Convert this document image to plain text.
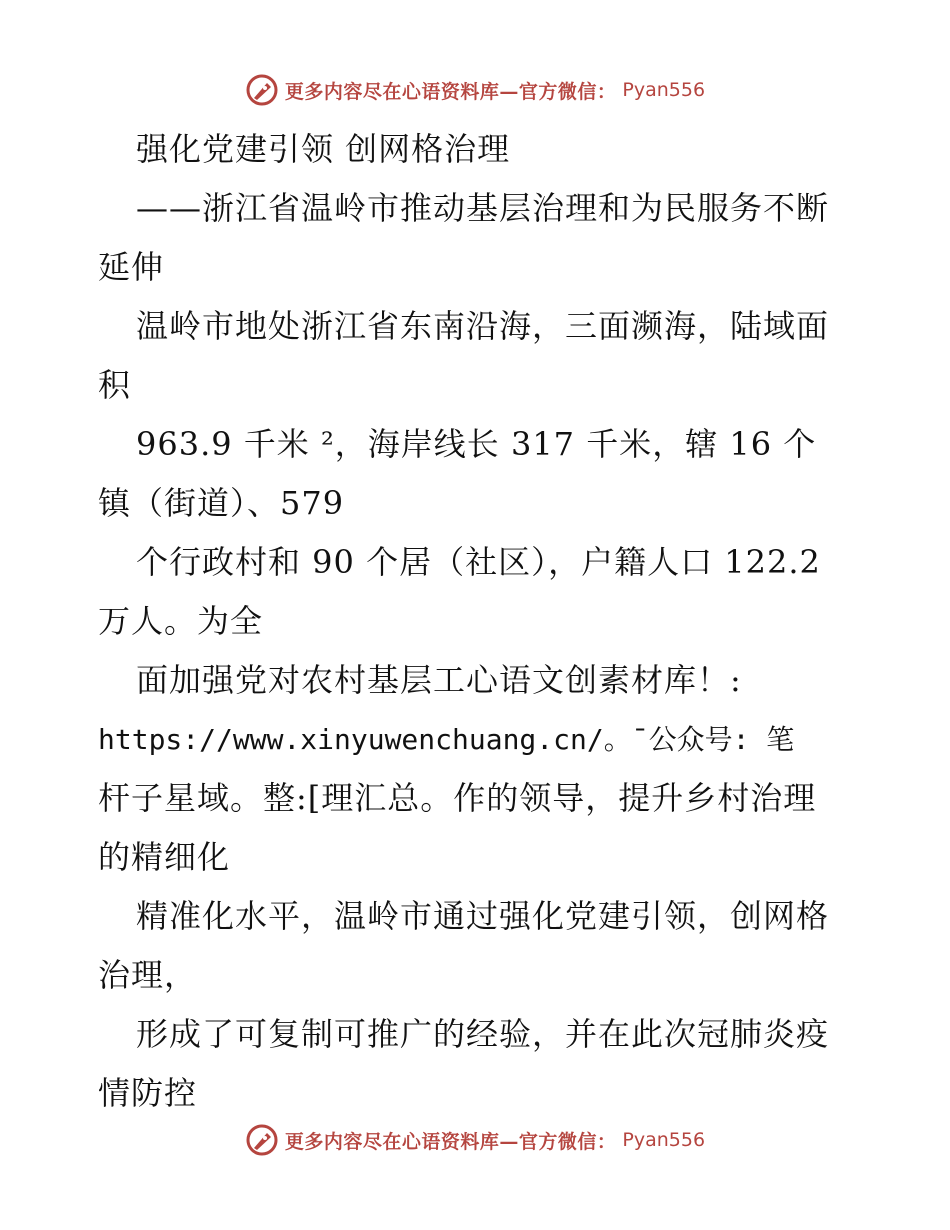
更多内容尽在心语资料库—官方微信： Pyan556
强化党建引领 创网格治理
——浙江省温岭市推动基层治理和为民服务不断
延伸
温岭市地处浙江省东南沿海，三面濒海，陆域面
积
963.9 千米 ²，海岸线长 317 千米，辖 16 个
镇（街道）、579
个行政村和 90 个居（社区），户籍人口 122.2
万人。为全
面加强党对农村基层工心语文创素材库！:
https://www.xinyuwenchuang.cn/。¯公众号: 笔
杆子星域。整:[理汇总。作的领导，提升乡村治理
的精细化
精准化水平，温岭市通过强化党建引领，创网格
治理，
形成了可复制可推广的经验，并在此次冠肺炎疫
情防控
更多内容尽在心语资料库—官方微信： Pyan556
